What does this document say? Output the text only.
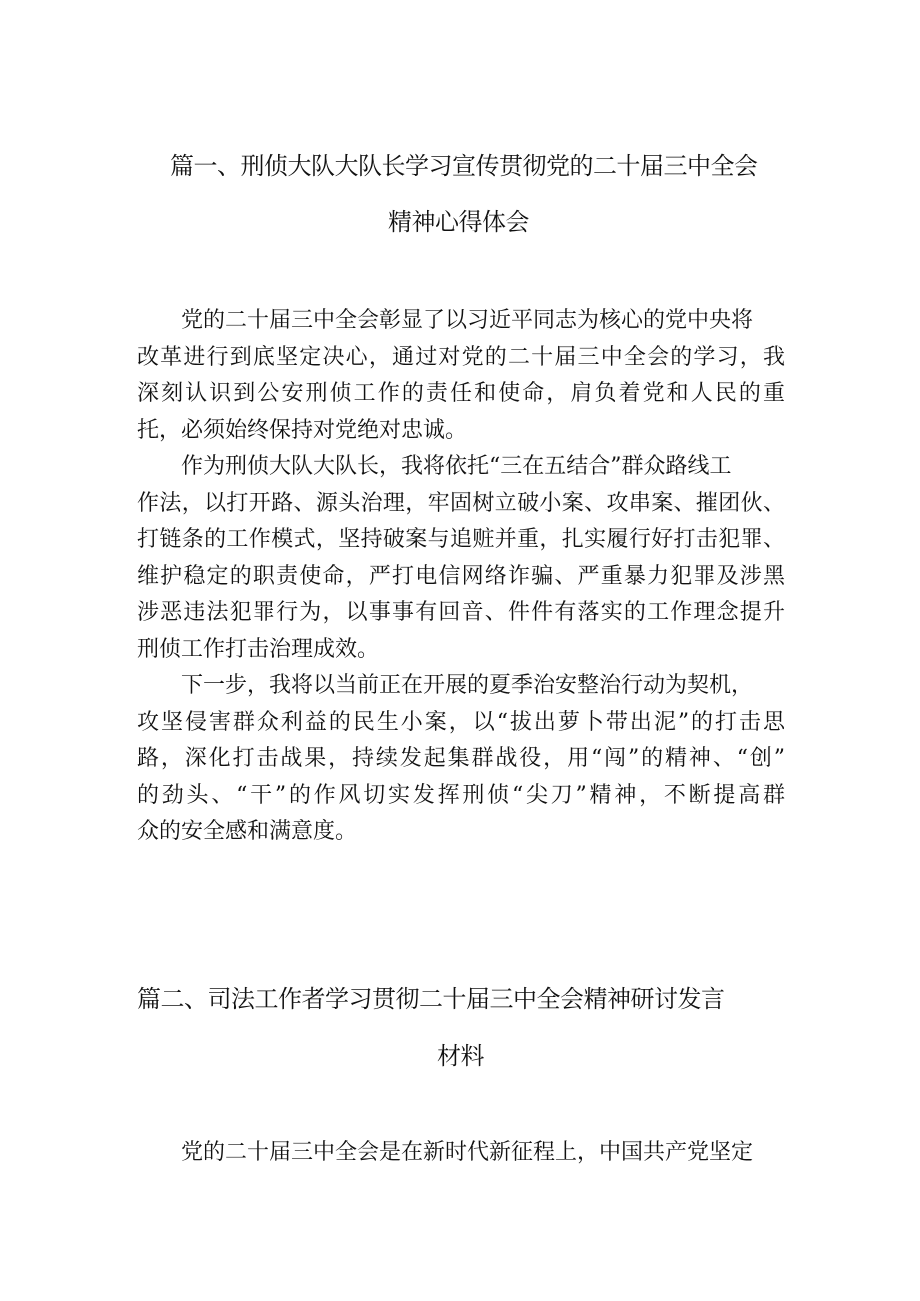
篇一、刑侦大队大队长学习宣传贯彻党的二十届三中全会
精神心得体会
党的二十届三中全会彰显了以习近平同志为核心的党中央将
改革进行到底坚定决心，通过对党的二十届三中全会的学习，我
深刻认识到公安刑侦工作的责任和使命，肩负着党和人民的重
托，必须始终保持对党绝对忠诚。
作为刑侦大队大队长，我将依托“三在五结合”群众路线工
作法，以打开路、源头治理，牢固树立破小案、攻串案、摧团伙、
打链条的工作模式，坚持破案与追赃并重，扎实履行好打击犯罪、
维护稳定的职责使命，严打电信网络诈骗、严重暴力犯罪及涉黑
涉恶违法犯罪行为，以事事有回音、件件有落实的工作理念提升
刑侦工作打击治理成效。
下一步，我将以当前正在开展的夏季治安整治行动为契机，
攻坚侵害群众利益的民生小案，以“拔出萝卜带出泥”的打击思
路，深化打击战果，持续发起集群战役，用“闯”的精神、“创”
的劲头、“干”的作风切实发挥刑侦“尖刀”精神，不断提高群
众的安全感和满意度。
篇二、司法工作者学习贯彻二十届三中全会精神研讨发言
材料
党的二十届三中全会是在新时代新征程上，中国共产党坚定
